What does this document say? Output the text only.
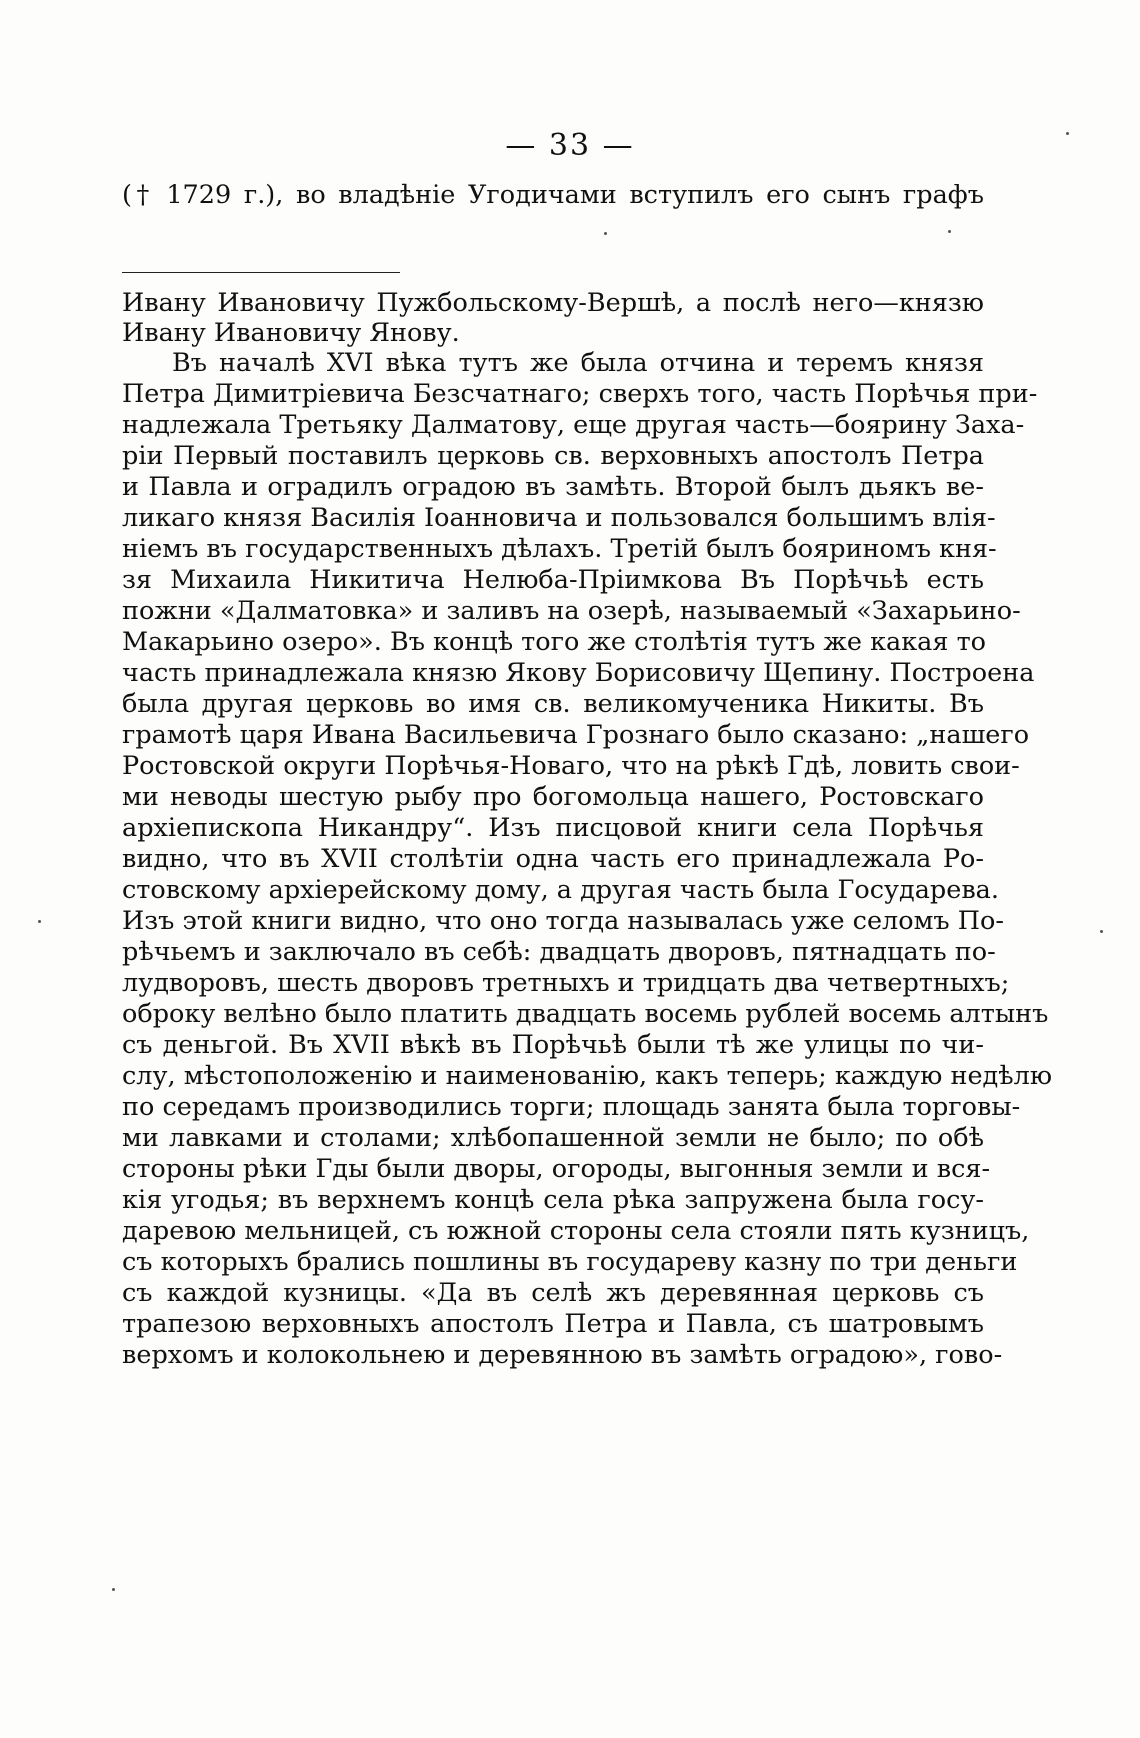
— 33 —
(† 1729 г.), во владѣніе Угодичами вступилъ его сынъ графъ
Ивану Ивановичу Пужбольскому-Вершѣ, а послѣ него—князю
Ивану Ивановичу Янову.
Въ началѣ XVI вѣка тутъ же была отчина и теремъ князя
Петра Димитріевича Безсчатнаго; сверхъ того, часть Порѣчья при-
надлежала Третьяку Далматову, еще другая часть—боярину Заха-
ріи Первый поставилъ церковь св. верховныхъ апостолъ Петра
и Павла и оградилъ оградою въ замѣть. Второй былъ дьякъ ве-
ликаго князя Василія Іоанновича и пользовался большимъ влія-
ніемъ въ государственныхъ дѣлахъ. Третій былъ бояриномъ кня-
зя Михаила Никитича Нелюба-Пріимкова Въ Порѣчьѣ есть
пожни «Далматовка» и заливъ на озерѣ, называемый «Захарьино-
Макарьино озеро». Въ концѣ того же столѣтія тутъ же какая то
часть принадлежала князю Якову Борисовичу Щепину. Построена
была другая церковь во имя св. великомученика Никиты. Въ
грамотѣ царя Ивана Васильевича Грознаго было сказано: „нашего
Ростовской округи Порѣчья-Новаго, что на рѣкѣ Гдѣ, ловить свои-
ми неводы шестую рыбу про богомольца нашего, Ростовскаго
архіепископа Никандру“. Изъ писцовой книги села Порѣчья
видно, что въ XVII столѣтіи одна часть его принадлежала Ро-
стовскому архіерейскому дому, а другая часть была Государева.
Изъ этой книги видно, что оно тогда называлась уже селомъ По-
рѣчьемъ и заключало въ себѣ: двадцать дворовъ, пятнадцать по-
лудворовъ, шесть дворовъ третныхъ и тридцать два четвертныхъ;
оброку велѣно было платить двадцать восемь рублей восемь алтынъ
съ деньгой. Въ XVII вѣкѣ въ Порѣчьѣ были тѣ же улицы по чи-
слу, мѣстоположенію и наименованію, какъ теперь; каждую недѣлю
по середамъ производились торги; площадь занята была торговы-
ми лавками и столами; хлѣбопашенной земли не было; по обѣ
стороны рѣки Гды были дворы, огороды, выгонныя земли и вся-
кія угодья; въ верхнемъ концѣ села рѣка запружена была госу-
даревою мельницей, съ южной стороны села стояли пять кузницъ,
съ которыхъ брались пошлины въ государеву казну по три деньги
съ каждой кузницы. «Да въ селѣ жъ деревянная церковь съ
трапезою верховныхъ апостолъ Петра и Павла, съ шатровымъ
верхомъ и колокольнею и деревянною въ замѣть оградою», гово-
